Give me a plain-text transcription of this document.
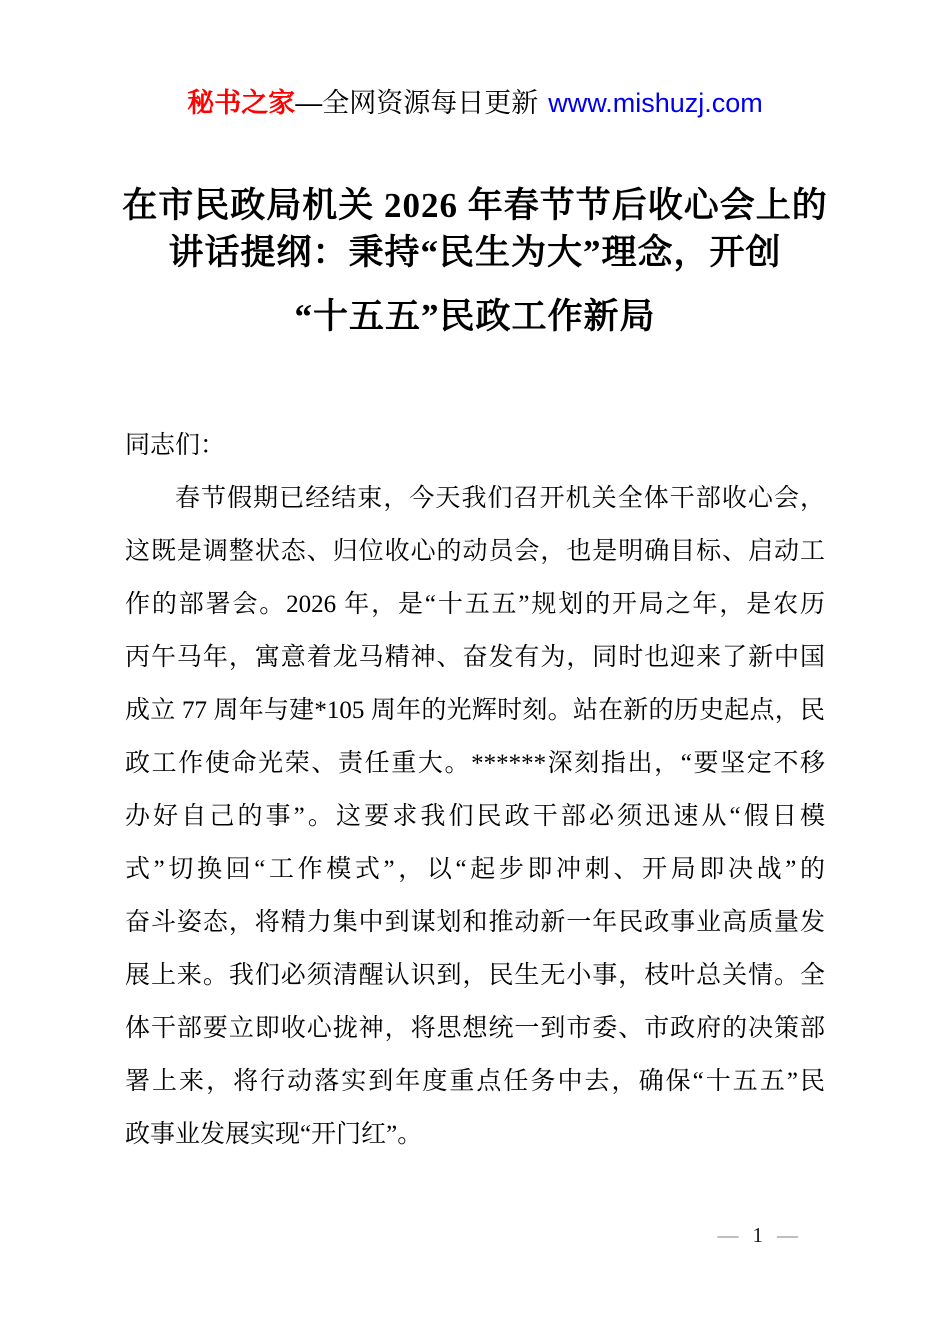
秘书之家—全网资源每日更新 www.mishuzj.com
在市民政局机关 2026 年春节节后收心会上的
讲话提纲：秉持“民生为大”理念，开创
“十五五”民政工作新局
同志们：
春节假期已经结束，今天我们召开机关全体干部收心会，
这既是调整状态、归位收心的动员会，也是明确目标、启动工
作的部署会。2026 年，是“十五五”规划的开局之年，是农历
丙午马年，寓意着龙马精神、奋发有为，同时也迎来了新中国
成立 77 周年与建*105 周年的光辉时刻。站在新的历史起点，民
政工作使命光荣、责任重大。******深刻指出，“要坚定不移
办好自己的事”。这要求我们民政干部必须迅速从“假日模
式”切换回“工作模式”，以“起步即冲刺、开局即决战”的
奋斗姿态，将精力集中到谋划和推动新一年民政事业高质量发
展上来。我们必须清醒认识到，民生无小事，枝叶总关情。全
体干部要立即收心拢神，将思想统一到市委、市政府的决策部
署上来，将行动落实到年度重点任务中去，确保“十五五”民
政事业发展实现“开门红”。
— 1 —
